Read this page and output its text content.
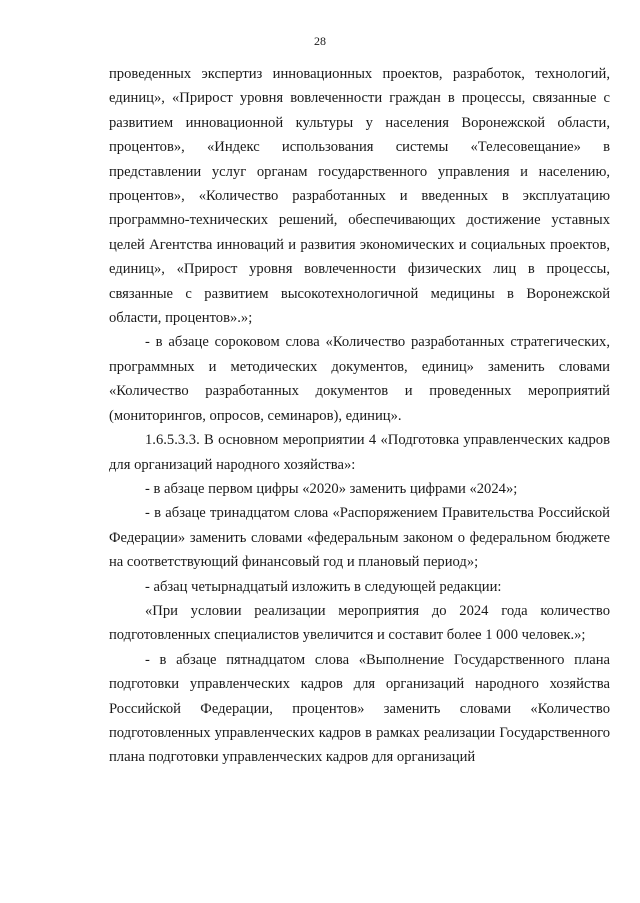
28

проведенных экспертиз инновационных проектов, разработок, технологий, единиц», «Прирост уровня вовлеченности граждан в процессы, связанные с развитием инновационной культуры у населения Воронежской области, процентов», «Индекс использования системы «Телесовещание» в представлении услуг органам государственного управления и населению, процентов», «Количество разработанных и введенных в эксплуатацию программно-технических решений, обеспечивающих достижение уставных целей Агентства инноваций и развития экономических и социальных проектов, единиц», «Прирост уровня вовлеченности физических лиц в процессы, связанные с развитием высокотехнологичной медицины в Воронежской области, процентов».»;

- в абзаце сороковом слова «Количество разработанных стратегических, программных и методических документов, единиц» заменить словами «Количество разработанных документов и проведенных мероприятий (мониторингов, опросов, семинаров), единиц».

1.6.5.3.3. В основном мероприятии 4 «Подготовка управленческих кадров для организаций народного хозяйства»:

- в абзаце первом цифры «2020» заменить цифрами «2024»;

- в абзаце тринадцатом слова «Распоряжением Правительства Российской Федерации» заменить словами «федеральным законом о федеральном бюджете на соответствующий финансовый год и плановый период»;

- абзац четырнадцатый изложить в следующей редакции:

«При условии реализации мероприятия до 2024 года количество подготовленных специалистов увеличится и составит более 1 000 человек.»;

- в абзаце пятнадцатом слова «Выполнение Государственного плана подготовки управленческих кадров для организаций народного хозяйства Российской Федерации, процентов» заменить словами «Количество подготовленных управленческих кадров в рамках реализации Государственного плана подготовки управленческих кадров для организаций
